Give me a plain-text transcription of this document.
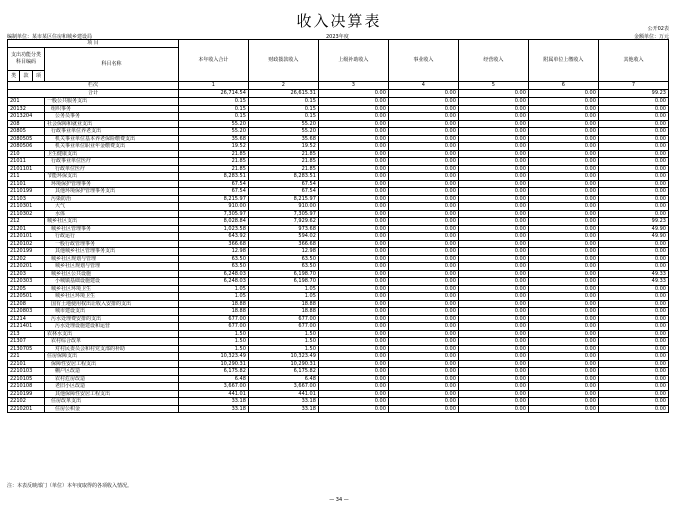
收入决算表	公开02表
编制单位：某市某区住房和城乡建设局	2023年度	金额单位：万元
项 目				本年收入合计	财政拨款收入	上级补助收入	事业收入	经营收入	附属单位上缴收入	其他收入
支出功能分类科目编码			科目名称							
类	款	项								
栏次				1	2	3	4	5	6	7
合计				26,714.54	26,615.31	0.00	0.00	0.00	0.00	99.23
201			一般公共服务支出	0.15	0.15	0.00	0.00	0.00	0.00	0.00
20132			组织事务	0.15	0.15	0.00	0.00	0.00	0.00	0.00
2013204			公务员事务	0.15	0.15	0.00	0.00	0.00	0.00	0.00
208			社会保障和就业支出	55.20	55.20	0.00	0.00	0.00	0.00	0.00
20805			行政事业单位养老支出	55.20	55.20	0.00	0.00	0.00	0.00	0.00
2080505			机关事业单位基本养老保险缴费支出	35.68	35.68	0.00	0.00	0.00	0.00	0.00
2080506			机关事业单位职业年金缴费支出	19.52	19.52	0.00	0.00	0.00	0.00	0.00
210			卫生健康支出	21.85	21.85	0.00	0.00	0.00	0.00	0.00
21011			行政事业单位医疗	21.85	21.85	0.00	0.00	0.00	0.00	0.00
2101101			行政单位医疗	21.85	21.85	0.00	0.00	0.00	0.00	0.00
211			节能环保支出	8,283.51	8,283.51	0.00	0.00	0.00	0.00	0.00
21101			环境保护管理事务	67.54	67.54	0.00	0.00	0.00	0.00	0.00
2110199			其他环境保护管理事务支出	67.54	67.54	0.00	0.00	0.00	0.00	0.00
21103			污染防治	8,215.97	8,215.97	0.00	0.00	0.00	0.00	0.00
2110301			大气	910.00	910.00	0.00	0.00	0.00	0.00	0.00
2110302			水体	7,305.97	7,305.97	0.00	0.00	0.00	0.00	0.00
212			城乡社区支出	8,028.84	7,929.62	0.00	0.00	0.00	0.00	99.23
21201			城乡社区管理事务	1,023.58	973.68	0.00	0.00	0.00	0.00	49.90
2120101			行政运行	643.92	594.02	0.00	0.00	0.00	0.00	49.90
2120102			一般行政管理事务	366.68	366.68	0.00	0.00	0.00	0.00	0.00
2120199			其他城乡社区管理事务支出	12.98	12.98	0.00	0.00	0.00	0.00	0.00
21202			城乡社区规划与管理	63.50	63.50	0.00	0.00	0.00	0.00	0.00
2120201			城乡社区规划与管理	63.50	63.50	0.00	0.00	0.00	0.00	0.00
21203			城乡社区公共设施	6,248.03	6,198.70	0.00	0.00	0.00	0.00	49.33
2120303			小城镇基础设施建设	6,248.03	6,198.70	0.00	0.00	0.00	0.00	49.33
21205			城乡社区环境卫生	1.05	1.05	0.00	0.00	0.00	0.00	0.00
2120501			城乡社区环境卫生	1.05	1.05	0.00	0.00	0.00	0.00	0.00
21208			国有土地使用权出让收入安排的支出	18.88	18.88	0.00	0.00	0.00	0.00	0.00
2120803			城市建设支出	18.88	18.88	0.00	0.00	0.00	0.00	0.00
21214			污水处理费安排的支出	677.00	677.00	0.00	0.00	0.00	0.00	0.00
2121401			污水处理设施建设和运营	677.00	677.00	0.00	0.00	0.00	0.00	0.00
213			农林水支出	1.50	1.50	0.00	0.00	0.00	0.00	0.00
21307			农村综合改革	1.50	1.50	0.00	0.00	0.00	0.00	0.00
2130705			对村民委员会和村党支部的补助	1.50	1.50	0.00	0.00	0.00	0.00	0.00
221			住房保障支出	10,323.49	10,323.49	0.00	0.00	0.00	0.00	0.00
22101			保障性安居工程支出	10,290.31	10,290.31	0.00	0.00	0.00	0.00	0.00
2210103			棚户区改造	6,175.82	6,175.82	0.00	0.00	0.00	0.00	0.00
2210105			农村危房改造	6.48	6.48	0.00	0.00	0.00	0.00	0.00
2210108			老旧小区改造	3,667.00	3,667.00	0.00	0.00	0.00	0.00	0.00
2210199			其他保障性安居工程支出	441.01	441.01	0.00	0.00	0.00	0.00	0.00
22102			住房改革支出	33.18	33.18	0.00	0.00	0.00	0.00	0.00
2210201			住房公积金	33.18	33.18	0.00	0.00	0.00	0.00	0.00
注：本表反映部门（单位）本年度取得的各项收入情况。
— 34 —
